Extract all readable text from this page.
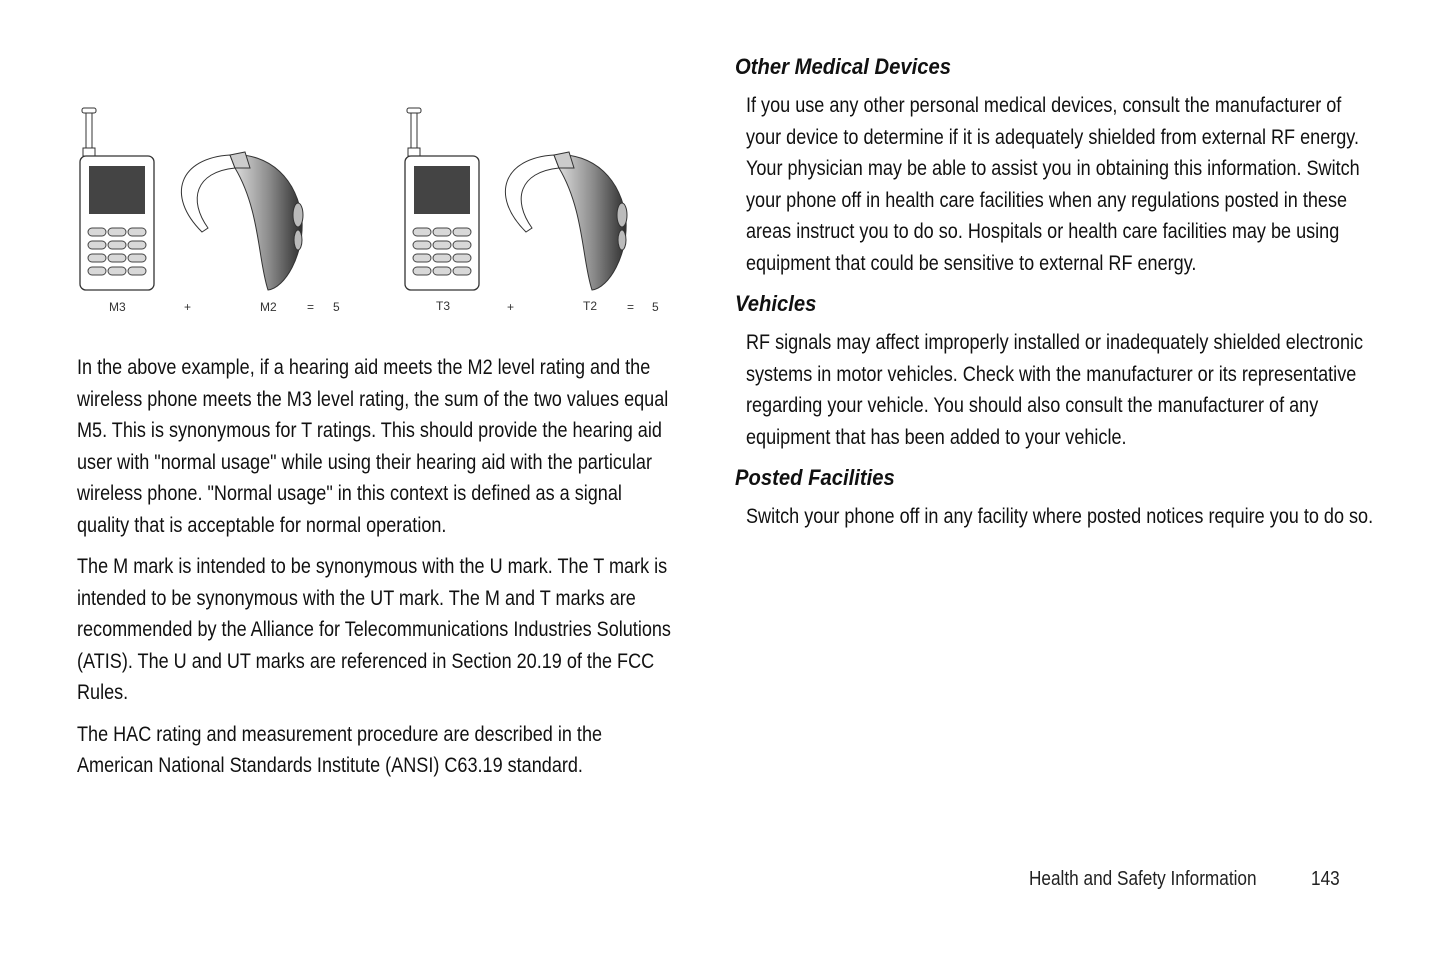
M3	+	M2	= 5	T3	+	T2 = 5

In the above example, if a hearing aid meets the M2 level rating and the wireless phone meets the M3 level rating, the sum of the two values equal M5. This is synonymous for T ratings. This should provide the hearing aid user with "normal usage" while using their hearing aid with the particular wireless phone. "Normal usage" in this context is defined as a signal quality that is acceptable for normal operation.

The M mark is intended to be synonymous with the U mark. The T mark is intended to be synonymous with the UT mark. The M and T marks are recommended by the Alliance for Telecommunications Industries Solutions (ATIS). The U and UT marks are referenced in Section 20.19 of the FCC Rules.

The HAC rating and measurement procedure are described in the American National Standards Institute (ANSI) C63.19 standard.

Other Medical Devices

If you use any other personal medical devices, consult the manufacturer of your device to determine if it is adequately shielded from external RF energy. Your physician may be able to assist you in obtaining this information. Switch your phone off in health care facilities when any regulations posted in these areas instruct you to do so. Hospitals or health care facilities may be using equipment that could be sensitive to external RF energy.

Vehicles

RF signals may affect improperly installed or inadequately shielded electronic systems in motor vehicles. Check with the manufacturer or its representative regarding your vehicle. You should also consult the manufacturer of any equipment that has been added to your vehicle.

Posted Facilities

Switch your phone off in any facility where posted notices require you to do so.

Health and Safety Information	143
